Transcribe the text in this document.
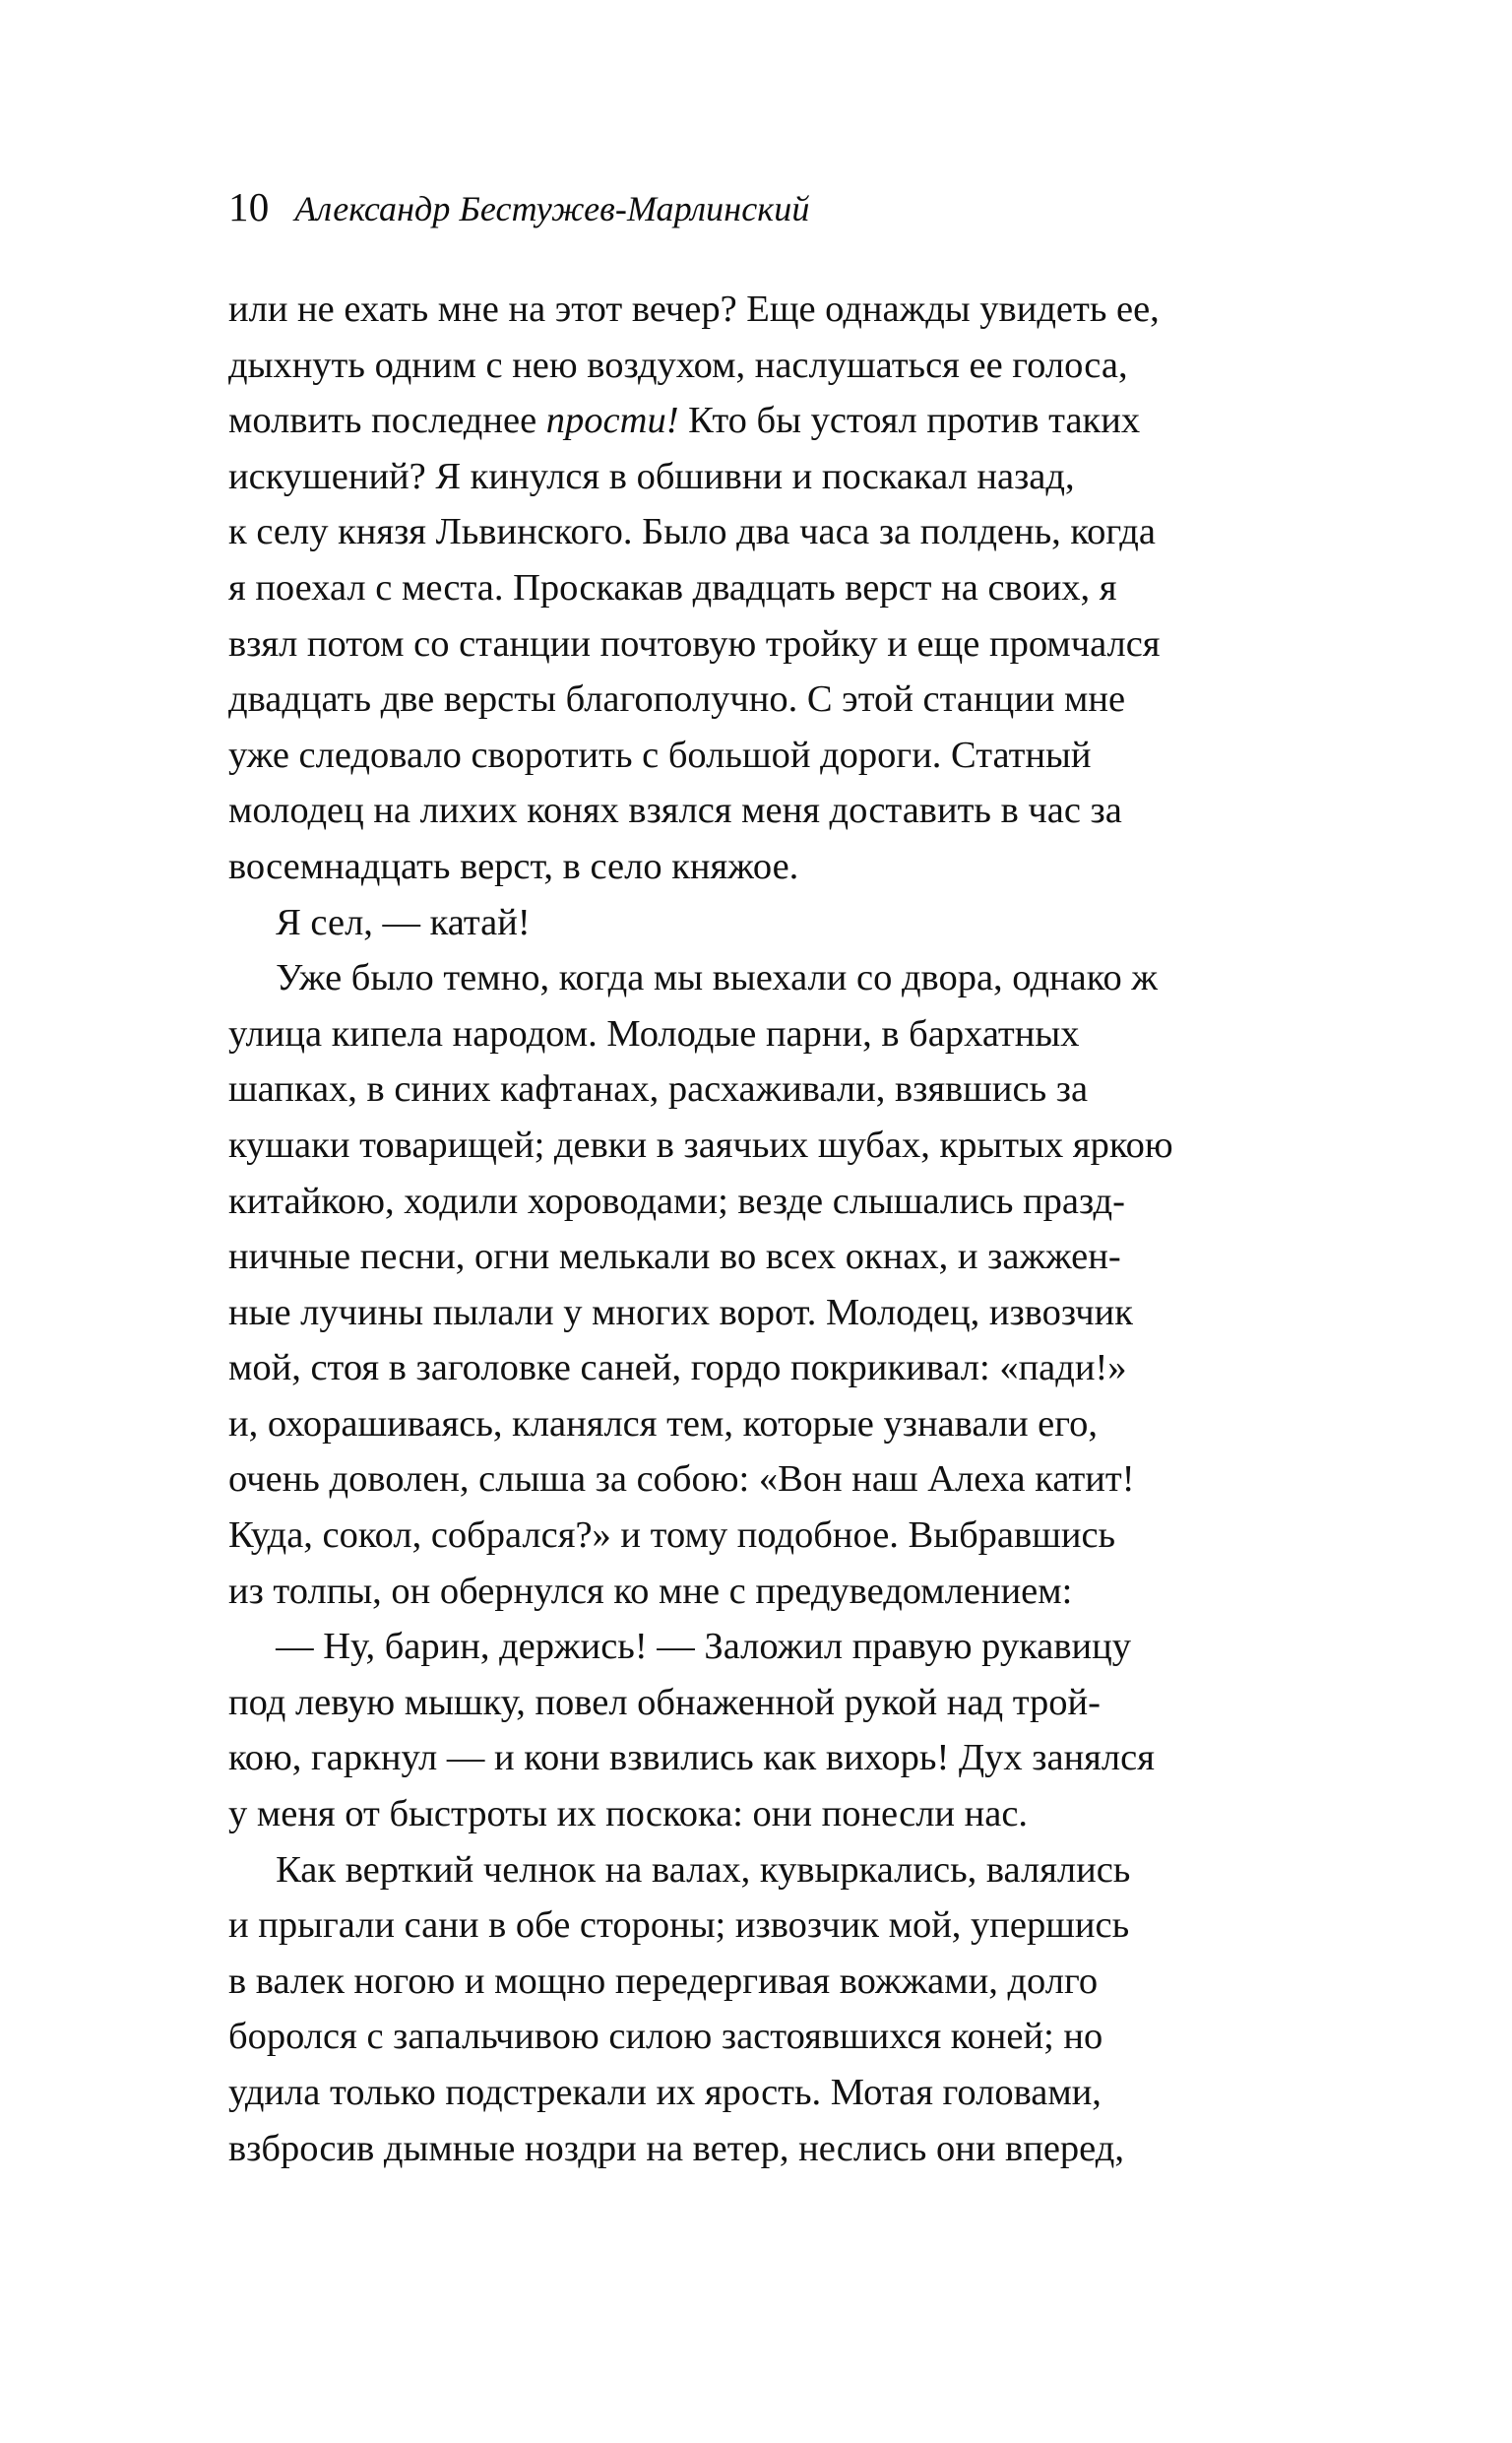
10 Александр Бестужев-Марлинский
или не ехать мне на этот вечер? Еще однажды увидеть ее,
дыхнуть одним с нею воздухом, наслушаться ее голоса,
молвить последнее прости! Кто бы устоял против таких
искушений? Я кинулся в обшивни и поскакал назад,
к селу князя Львинского. Было два часа за полдень, когда
я поехал с места. Проскакав двадцать верст на своих, я
взял потом со станции почтовую тройку и еще промчался
двадцать две версты благополучно. С этой станции мне
уже следовало своротить с большой дороги. Статный
молодец на лихих конях взялся меня доставить в час за
восемнадцать верст, в село княжое.
Я сел, — катай!
Уже было темно, когда мы выехали со двора, однако ж
улица кипела народом. Молодые парни, в бархатных
шапках, в синих кафтанах, расхаживали, взявшись за
кушаки товарищей; девки в заячьих шубах, крытых яркою
китайкою, ходили хороводами; везде слышались празд-
ничные песни, огни мелькали во всех окнах, и зажжен-
ные лучины пылали у многих ворот. Молодец, извозчик
мой, стоя в заголовке саней, гордо покрикивал: «пади!»
и, охорашиваясь, кланялся тем, которые узнавали его,
очень доволен, слыша за собою: «Вон наш Алеха катит!
Куда, сокол, собрался?» и тому подобное. Выбравшись
из толпы, он обернулся ко мне с предуведомлением:
— Ну, барин, держись! — Заложил правую рукавицу
под левую мышку, повел обнаженной рукой над трой-
кою, гаркнул — и кони взвились как вихорь! Дух занялся
у меня от быстроты их поскока: они понесли нас.
Как верткий челнок на валах, кувыркались, валялись
и прыгали сани в обе стороны; извозчик мой, упершись
в валек ногою и мощно передергивая вожжами, долго
боролся с запальчивою силою застоявшихся коней; но
удила только подстрекали их ярость. Мотая головами,
взбросив дымные ноздри на ветер, неслись они вперед,
